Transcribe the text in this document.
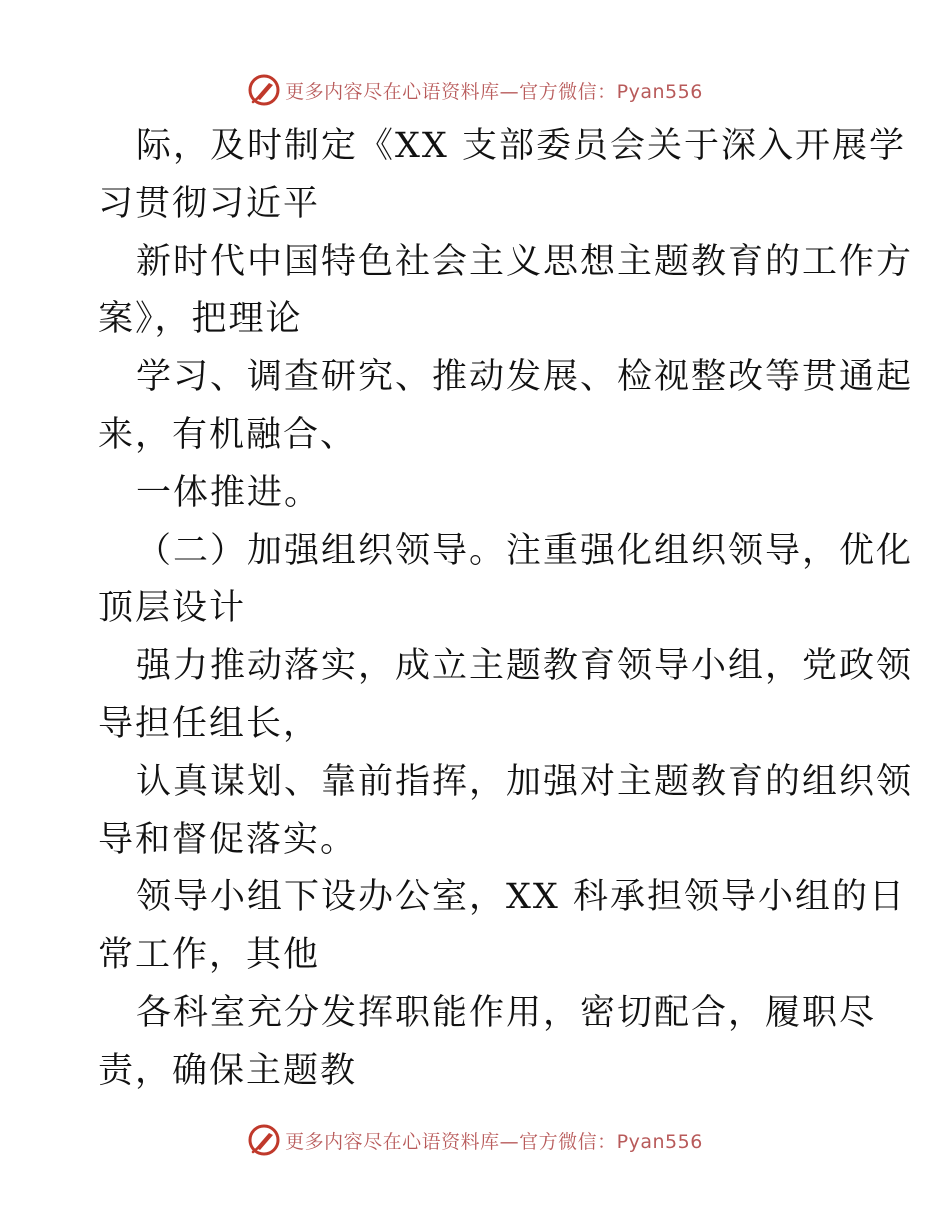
更多内容尽在心语资料库—官方微信：Pyan556
际，及时制定《XX 支部委员会关于深入开展学
习贯彻习近平
新时代中国特色社会主义思想主题教育的工作方
案》，把理论
学习、调查研究、推动发展、检视整改等贯通起
来，有机融合、
一体推进。
（二）加强组织领导。注重强化组织领导，优化
顶层设计
强力推动落实，成立主题教育领导小组，党政领
导担任组长，
认真谋划、靠前指挥，加强对主题教育的组织领
导和督促落实。
领导小组下设办公室，XX 科承担领导小组的日
常工作，其他
各科室充分发挥职能作用，密切配合，履职尽
责，确保主题教
更多内容尽在心语资料库—官方微信：Pyan556
